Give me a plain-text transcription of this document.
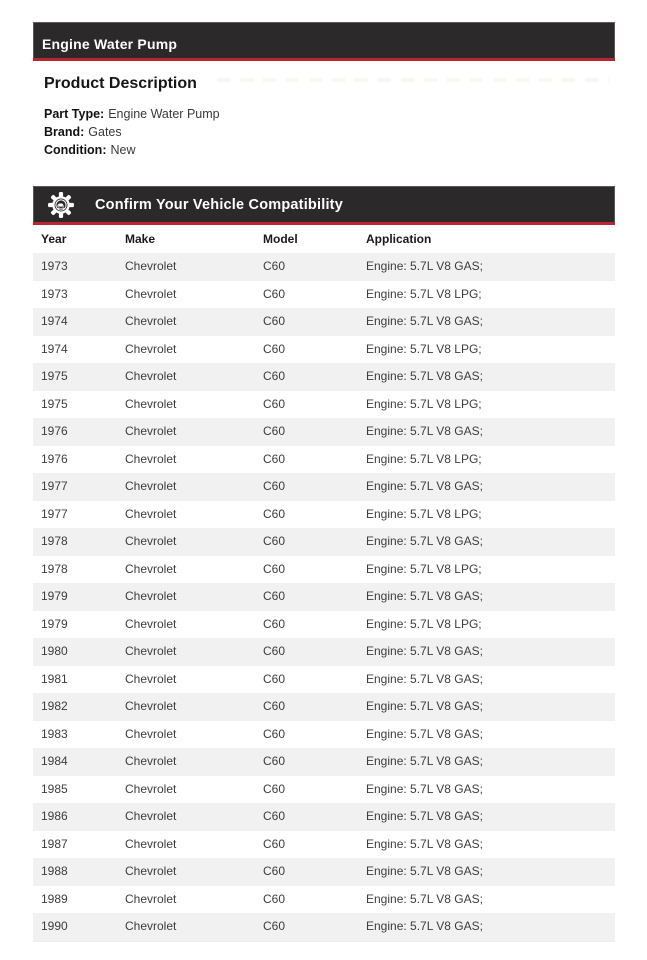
Engine Water Pump
Product Description
Part Type: Engine Water Pump
Brand: Gates
Condition: New
Confirm Your Vehicle Compatibility
Year	Make	Model	Application
1973	Chevrolet	C60	Engine: 5.7L V8 GAS;
1973	Chevrolet	C60	Engine: 5.7L V8 LPG;
1974	Chevrolet	C60	Engine: 5.7L V8 GAS;
1974	Chevrolet	C60	Engine: 5.7L V8 LPG;
1975	Chevrolet	C60	Engine: 5.7L V8 GAS;
1975	Chevrolet	C60	Engine: 5.7L V8 LPG;
1976	Chevrolet	C60	Engine: 5.7L V8 GAS;
1976	Chevrolet	C60	Engine: 5.7L V8 LPG;
1977	Chevrolet	C60	Engine: 5.7L V8 GAS;
1977	Chevrolet	C60	Engine: 5.7L V8 LPG;
1978	Chevrolet	C60	Engine: 5.7L V8 GAS;
1978	Chevrolet	C60	Engine: 5.7L V8 LPG;
1979	Chevrolet	C60	Engine: 5.7L V8 GAS;
1979	Chevrolet	C60	Engine: 5.7L V8 LPG;
1980	Chevrolet	C60	Engine: 5.7L V8 GAS;
1981	Chevrolet	C60	Engine: 5.7L V8 GAS;
1982	Chevrolet	C60	Engine: 5.7L V8 GAS;
1983	Chevrolet	C60	Engine: 5.7L V8 GAS;
1984	Chevrolet	C60	Engine: 5.7L V8 GAS;
1985	Chevrolet	C60	Engine: 5.7L V8 GAS;
1986	Chevrolet	C60	Engine: 5.7L V8 GAS;
1987	Chevrolet	C60	Engine: 5.7L V8 GAS;
1988	Chevrolet	C60	Engine: 5.7L V8 GAS;
1989	Chevrolet	C60	Engine: 5.7L V8 GAS;
1990	Chevrolet	C60	Engine: 5.7L V8 GAS;
